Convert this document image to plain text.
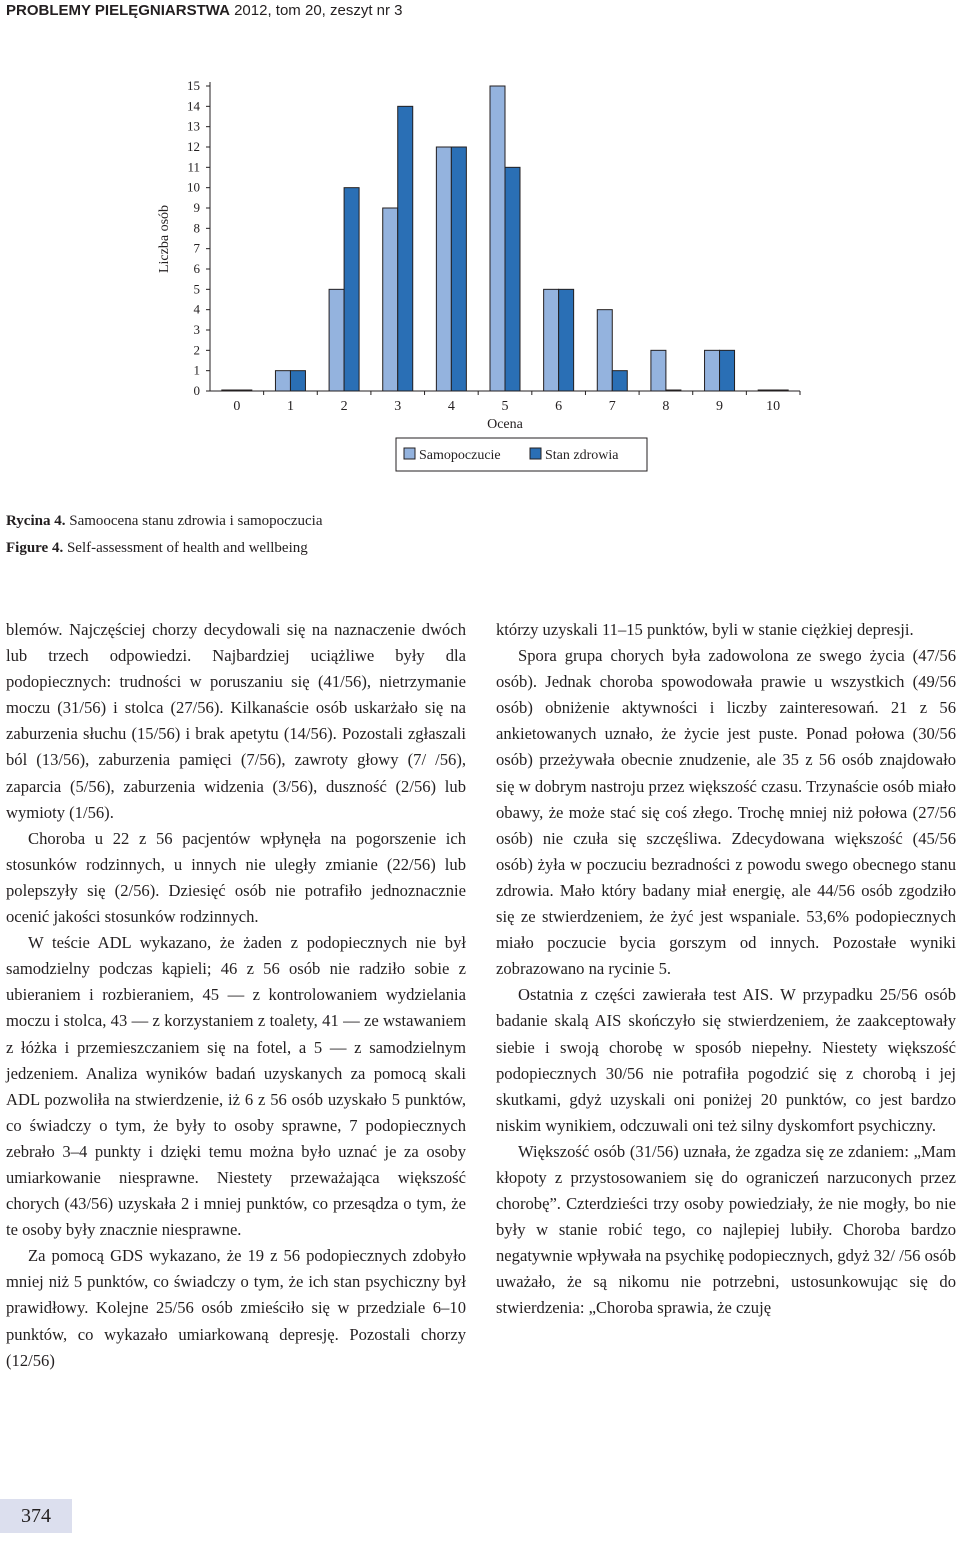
PROBLEMY PIELĘGNIARSTWA 2012, tom 20, zeszyt nr 3
0
1
2
3
4
5
6
7
8
9
10
11
12
13
14
15
Liczba osób
0	1	2	3	4	5	6	7	8	9	10
Ocena
Samopoczucie	Stan zdrowia
Rycina 4. Samoocena stanu zdrowia i samopoczucia
Figure 4. Self-assessment of health and wellbeing

blemów. Najczęściej chorzy decydowali się na naznaczenie dwóch lub trzech odpowiedzi. Najbardziej uciążliwe były dla podopiecznych: trudności w poruszaniu się (41/56), nietrzymanie moczu (31/56) i stolca (27/56). Kilkanaście osób uskarżało się na zaburzenia słuchu (15/56) i brak apetytu (14/56). Pozostali zgłaszali ból (13/56), zaburzenia pamięci (7/56), zawroty głowy (7/ /56), zaparcia (5/56), zaburzenia widzenia (3/56), duszność (2/56) lub wymioty (1/56).

Choroba u 22 z 56 pacjentów wpłynęła na pogorszenie ich stosunków rodzinnych, u innych nie uległy zmianie (22/56) lub polepszyły się (2/56). Dziesięć osób nie potrafiło jednoznacznie ocenić jakości stosunków rodzinnych.

W teście ADL wykazano, że żaden z podopiecznych nie był samodzielny podczas kąpieli; 46 z 56 osób nie radziło sobie z ubieraniem i rozbieraniem, 45 — z kontrolowaniem wydzielania moczu i stolca, 43 — z korzystaniem z toalety, 41 — ze wstawaniem z łóżka i przemieszczaniem się na fotel, a 5 — z samodzielnym jedzeniem. Analiza wyników badań uzyskanych za pomocą skali ADL pozwoliła na stwierdzenie, iż 6 z 56 osób uzyskało 5 punktów, co świadczy o tym, że były to osoby sprawne, 7 podopiecznych zebrało 3–4 punkty i dzięki temu można było uznać je za osoby umiarkowanie niesprawne. Niestety przeważająca większość chorych (43/56) uzyskała 2 i mniej punktów, co przesądza o tym, że te osoby były znacznie niesprawne.

Za pomocą GDS wykazano, że 19 z 56 podopiecznych zdobyło mniej niż 5 punktów, co świadczy o tym, że ich stan psychiczny był prawidłowy. Kolejne 25/56 osób zmieściło się w przedziale 6–10 punktów, co wykazało umiarkowaną depresję. Pozostali chorzy (12/56)

którzy uzyskali 11–15 punktów, byli w stanie ciężkiej depresji.

Spora grupa chorych była zadowolona ze swego życia (47/56 osób). Jednak choroba spowodowała prawie u wszystkich (49/56 osób) obniżenie aktywności i liczby zainteresowań. 21 z 56 ankietowanych uznało, że życie jest puste. Ponad połowa (30/56 osób) przeżywała obecnie znudzenie, ale 35 z 56 osób znajdowało się w dobrym nastroju przez większość czasu. Trzynaście osób miało obawy, że może stać się coś złego. Trochę mniej niż połowa (27/56 osób) nie czuła się szczęśliwa. Zdecydowana większość (45/56 osób) żyła w poczuciu bezradności z powodu swego obecnego stanu zdrowia. Mało który badany miał energię, ale 44/56 osób zgodziło się ze stwierdzeniem, że żyć jest wspaniale. 53,6% podopiecznych miało poczucie bycia gorszym od innych. Pozostałe wyniki zobrazowano na rycinie 5.

Ostatnia z części zawierała test AIS. W przypadku 25/56 osób badanie skalą AIS skończyło się stwierdzeniem, że zaakceptowały siebie i swoją chorobę w sposób niepełny. Niestety większość podopiecznych 30/56 nie potrafiła pogodzić się z chorobą i jej skutkami, gdyż uzyskali oni poniżej 20 punktów, co jest bardzo niskim wynikiem, odczuwali oni też silny dyskomfort psychiczny.

Większość osób (31/56) uznała, że zgadza się ze zdaniem: „Mam kłopoty z przystosowaniem się do ograniczeń narzuconych przez chorobę”. Czterdzieści trzy osoby powiedziały, że nie mogły, bo nie były w stanie robić tego, co najlepiej lubiły. Choroba bardzo negatywnie wpływała na psychikę podopiecznych, gdyż 32/ /56 osób uważało, że są nikomu nie potrzebni, ustosunkowując się do stwierdzenia: „Choroba sprawia, że czuję

374
